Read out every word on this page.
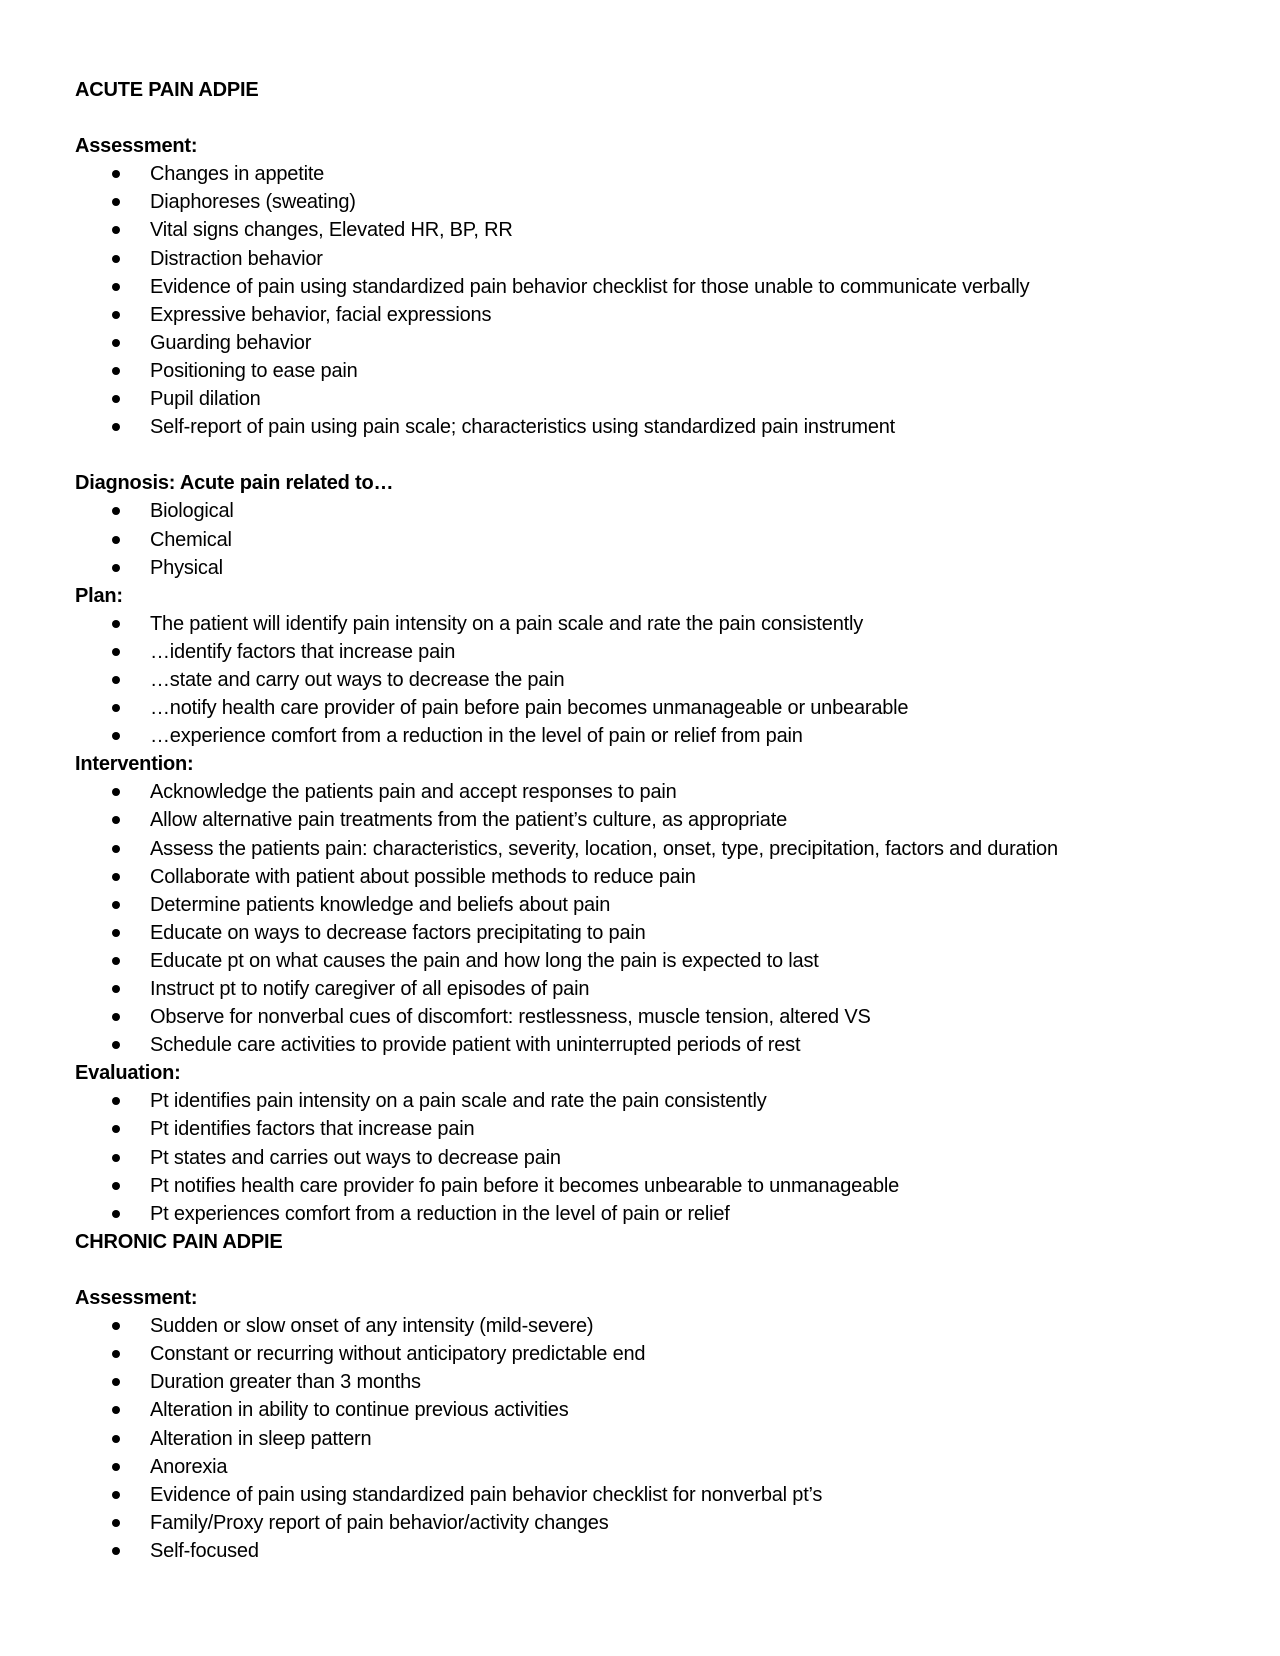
ACUTE PAIN ADPIE
Assessment:
Changes in appetite
Diaphoreses (sweating)
Vital signs changes, Elevated HR, BP, RR
Distraction behavior
Evidence of pain using standardized pain behavior checklist for those unable to communicate verbally
Expressive behavior, facial expressions
Guarding behavior
Positioning to ease pain
Pupil dilation
Self-report of pain using pain scale; characteristics using standardized pain instrument
Diagnosis: Acute pain related to…
Biological
Chemical
Physical
Plan:
The patient will identify pain intensity on a pain scale and rate the pain consistently
…identify factors that increase pain
…state and carry out ways to decrease the pain
…notify health care provider of pain before pain becomes unmanageable or unbearable
…experience comfort from a reduction in the level of pain or relief from pain
Intervention:
Acknowledge the patients pain and accept responses to pain
Allow alternative pain treatments from the patient’s culture, as appropriate
Assess the patients pain: characteristics, severity, location, onset, type, precipitation, factors and duration
Collaborate with patient about possible methods to reduce pain
Determine patients knowledge and beliefs about pain
Educate on ways to decrease factors precipitating to pain
Educate pt on what causes the pain and how long the pain is expected to last
Instruct pt to notify caregiver of all episodes of pain
Observe for nonverbal cues of discomfort: restlessness, muscle tension, altered VS
Schedule care activities to provide patient with uninterrupted periods of rest
Evaluation:
Pt identifies pain intensity on a pain scale and rate the pain consistently
Pt identifies factors that increase pain
Pt states and carries out ways to decrease pain
Pt notifies health care provider fo pain before it becomes unbearable to unmanageable
Pt experiences comfort from a reduction in the level of pain or relief
CHRONIC PAIN ADPIE
Assessment:
Sudden or slow onset of any intensity (mild-severe)
Constant or recurring without anticipatory predictable end
Duration greater than 3 months
Alteration in ability to continue previous activities
Alteration in sleep pattern
Anorexia
Evidence of pain using standardized pain behavior checklist for nonverbal pt’s
Family/Proxy report of pain behavior/activity changes
Self-focused
